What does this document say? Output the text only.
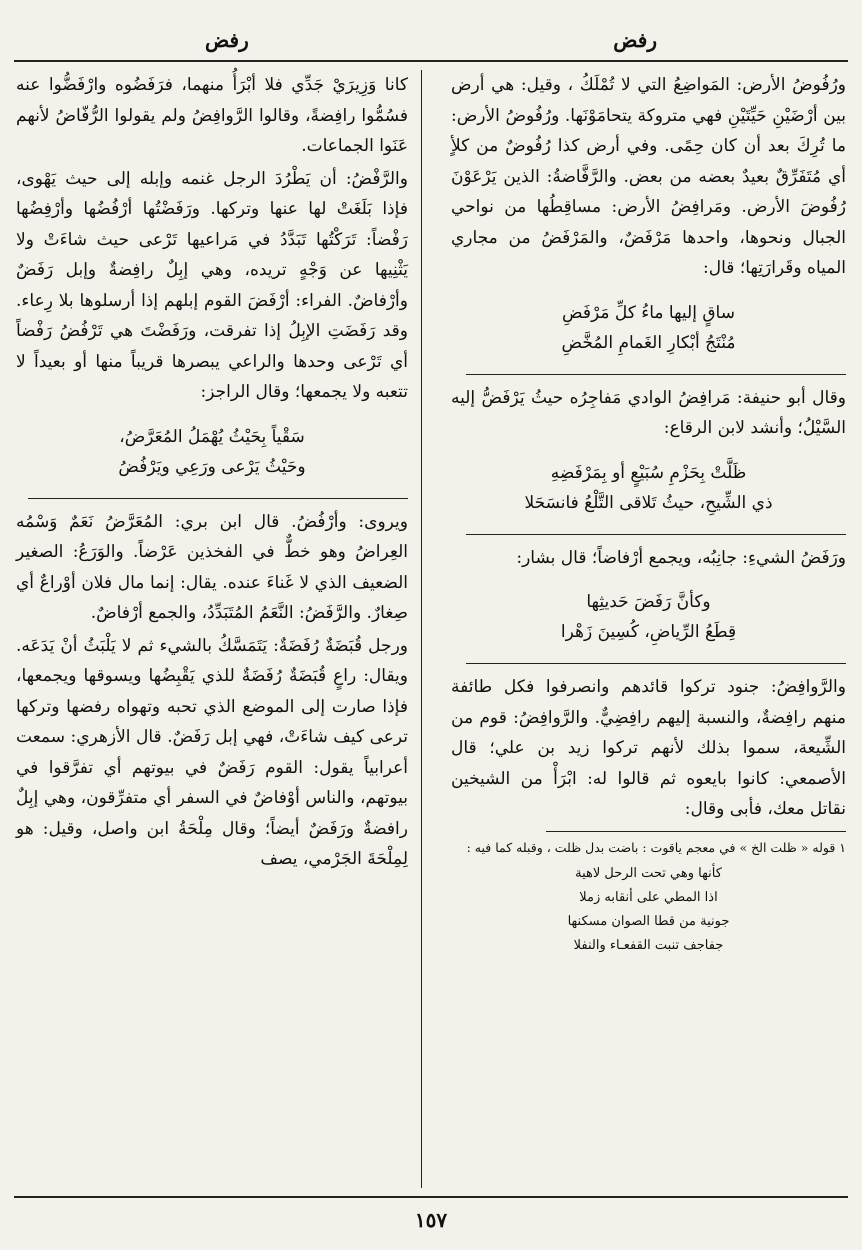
رفض
رفض

ورُفُوضُ الأرض: المَواضِعُ التي لا تُمْلَكُ ، وقيل: هي أرض بين أرْضَيْنِ حَيِّتَيْنِ فهي متروكة يتحامَوْنَها. ورُفُوضُ الأرض: ما تُرِكَ بعد أن كان حِمًى. وفي أرض كذا رُفُوضٌ من كلأٍ أي مُتَفَرِّقٌ بعيدٌ بعضه من بعض. والرَّفَّاضةُ: الذين يَرْعَوْنَ رُفُوضَ الأرض. ومَرافِضُ الأرض: مساقِطُها من نواحي الجبال ونحوها، واحدها مَرْفَضٌ، والمَرْفَضُ من مجاري المياه وقَرارَتِها؛ قال:

ساقٍ إليها ماءُ كلِّ مَرْفَضِ
مُنْتَجُ أبْكارِ الغَمامِ المُخَّضِ

وقال أبو حنيفة: مَرافِضُ الوادي مَفاجِرُه حيثُ يَرْفَضُّ إليه السَّيْلُ؛ وأنشد لابن الرقاع:

ظَلَّتْ بِحَزْمِ سُبَيْعٍ أو بِمَرْفَضِهِ
ذي الشِّيحِ، حيثُ تَلاقى التَّلْعُ فانسَحَلا

ورَفَضُ الشيءِ: جانِبُه، ويجمع أرْفاضاً؛ قال بشار:

وكأنَّ رَفَضَ حَديثِها
قِطَعُ الرِّياضِ، كُسِينَ زَهْرا

والرَّوافِضُ: جنود تركوا قائدهم وانصرفوا فكل طائفة منهم رافِضةٌ، والنسبة إليهم رافِضِيٌّ. والرَّوافِضُ: قوم من الشِّيعة، سموا بذلك لأنهم تركوا زيد بن علي؛ قال الأصمعي: كانوا بايعوه ثم قالوا له: ابْرَأْ من الشيخين نقاتل معك، فأبى وقال:

١ قوله « ظلت الخ » في معجم ياقوت : باضت بدل ظلت ، وقبله كما فيه :
كأنها وهي تحت الرحل لاهية
اذا المطي على أنقابه زملا
جونية من قطا الصوان مسكنها
جفاجف تنبت القفعـاء والنفلا

كانا وَزِيرَيْ جَدِّي فلا أبْرَأُ منهما، فرَفَضُوه وارْفَضُّوا عنه فسُمُّوا رافِضةً، وقالوا الرَّوافِضُ ولم يقولوا الرُّفّاضُ لأنهم عَنَوا الجماعات.

والرَّفْضُ: أن يَطْرُدَ الرجل غنمه وإبله إلى حيث يَهْوى، فإذا بَلَغَتْ لها عنها وتركها. ورَفَضْتُها أرْفُضُها وأرْفِضُها رَفْضاً: تَرَكْتُها تَبَدَّدُ في مَراعيها تَرْعى حيث شاءَتْ ولا يَثْنِيها عن وَجْهٍ تريده، وهي إبِلٌ رافِضةٌ وإبل رَفَضٌ وأرْفاضٌ. الفراء: أرْفَضَ القوم إبلهم إذا أرسلوها بلا رِعاء. وقد رَفَضَتِ الإبِلُ إذا تفرقت، ورَفَضْتَ هي تَرْفُضُ رَفْضاً أي تَرْعى وحدها والراعي يبصرها قريباً منها أو بعيداً لا تتعبه ولا يجمعها؛ وقال الراجز:

سَقْياً بِحَيْثُ يُهْمَلُ المُعَرَّضُ،
وحَيْثُ يَرْعى ورَعِي ويَرْفُضُ

ويروى: وأرْفُضُ. قال ابن بري: المُعَرَّضُ نَعَمٌ وَسْمُه العِراضُ وهو خطٌّ في الفخذين عَرْضاً. والوَرَعُ: الصغير الضعيف الذي لا غَناءَ عنده. يقال: إنما مال فلان أوْراعٌ أي صِغارٌ. والرَّفَضُ: النَّعَمُ المُتَبَدِّدُ، والجمع أرْفاضٌ.

ورجل قُبَضَةٌ رُفَضَةٌ: يَتَمَسَّكُ بالشيء ثم لا يَلْبَثُ أنْ يَدَعَه. ويقال: راعٍ قُبَضَةٌ رُفَضَةٌ للذي يَقْبِضُها ويسوقها ويجمعها، فإذا صارت إلى الموضع الذي تحبه وتهواه رفضها وتركها ترعى كيف شاءَتْ، فهي إبل رَفَضٌ. قال الأزهري: سمعت أعرابياً يقول: القوم رَفَضٌ في بيوتهم أي تفرَّقوا في بيوتهم، والناس أوْفاضٌ في السفر أي متفرِّقون، وهي إبِلٌ رافضةٌ ورَفَضٌ أيضاً؛ وقال مِلْحَةُ ابن واصل، وقيل: هو لِمِلْحَةَ الجَرْمي، يصف

١٥٧
